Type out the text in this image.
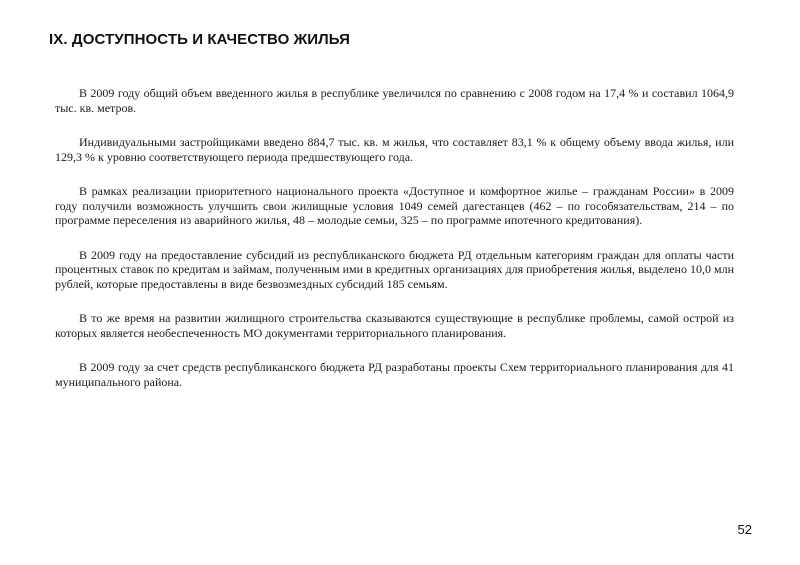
IX. ДОСТУПНОСТЬ И КАЧЕСТВО ЖИЛЬЯ

В 2009 году общий объем введенного жилья в республике увеличился по сравнению с 2008 годом на 17,4 % и составил 1064,9 тыс. кв. метров.

Индивидуальными застройщиками введено 884,7 тыс. кв. м жилья, что составляет 83,1 % к общему объему ввода жилья, или 129,3 % к уровню соответствующего периода предшествующего года.

В рамках реализации приоритетного национального проекта «Доступное и комфортное жилье – гражданам России» в 2009 году получили возможность улучшить свои жилищные условия 1049 семей дагестанцев (462 – по гособязательствам, 214 – по программе переселения из аварийного жилья, 48 – молодые семьи, 325 – по программе ипотечного кредитования).

В 2009 году на предоставление субсидий из республиканского бюджета РД отдельным категориям граждан для оплаты части процентных ставок по кредитам и займам, полученным ими в кредитных организациях для приобретения жилья, выделено 10,0 млн рублей, которые предоставлены в виде безвозмездных субсидий 185 семьям.

В то же время на развитии жилищного строительства сказываются существующие в республике проблемы, самой острой из которых является необеспеченность МО документами территориального планирования.

В 2009 году за счет средств республиканского бюджета РД разработаны проекты Схем территориального планирования для 41 муниципального района.

52
